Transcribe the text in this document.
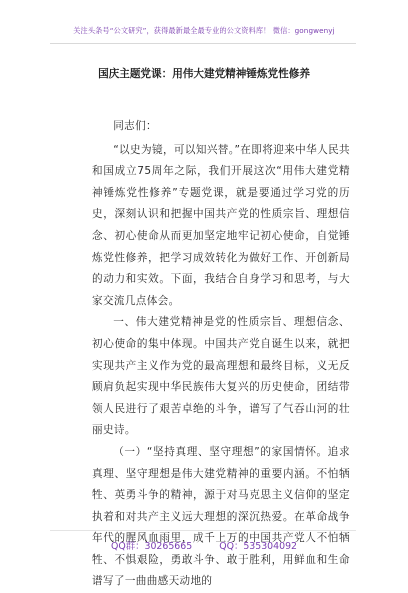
关注头条号“公文研究”，获得最新最全最专业的公文资料库！ 微信：gongwenyj
国庆主题党课：用伟大建党精神锤炼党性修养

同志们：

“以史为镜，可以知兴替。”在即将迎来中华人民共和国成立75周年之际，我们开展这次“用伟大建党精神锤炼党性修养”专题党课，就是要通过学习党的历史，深刻认识和把握中国共产党的性质宗旨、理想信念、初心使命从而更加坚定地牢记初心使命，自觉锤炼党性修养，把学习成效转化为做好工作、开创新局的动力和实效。下面，我结合自身学习和思考，与大家交流几点体会。

一、伟大建党精神是党的性质宗旨、理想信念、初心使命的集中体现。中国共产党自诞生以来，就把实现共产主义作为党的最高理想和最终目标，义无反顾肩负起实现中华民族伟大复兴的历史使命，团结带领人民进行了艰苦卓绝的斗争，谱写了气吞山河的壮丽史诗。

（一）“坚持真理、坚守理想”的家国情怀。追求真理、坚守理想是伟大建党精神的重要内涵。不怕牺牲、英勇斗争的精神，源于对马克思主义信仰的坚定执着和对共产主义远大理想的深沉热爱。在革命战争年代的腥风血雨里，成千上万的中国共产党人不怕牺牲、不惧艰险，勇敢斗争、敢于胜利，用鲜血和生命谱写了一曲曲感天动地的

QQ群：30265665	QQ：535304092
